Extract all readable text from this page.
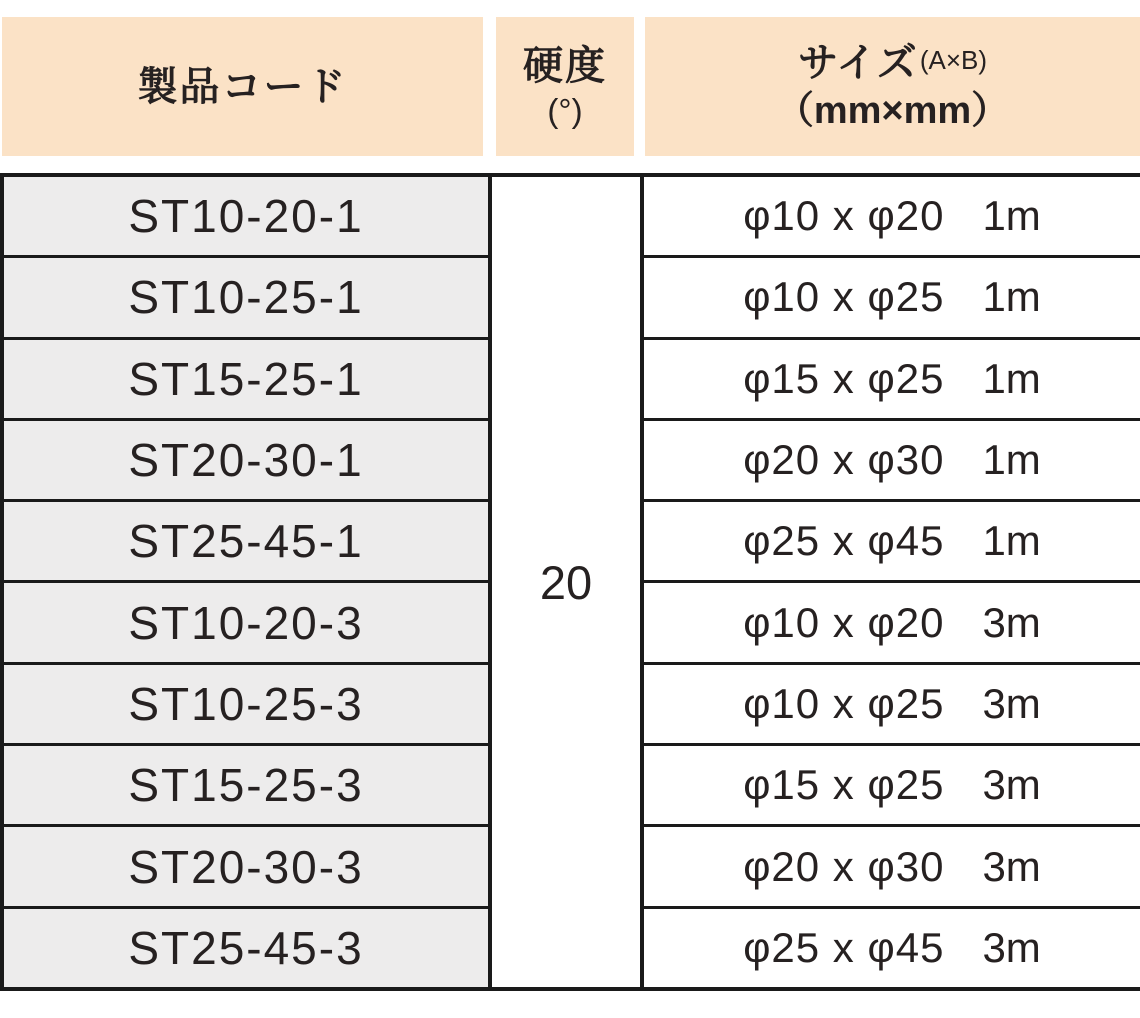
製品コード	硬度
(°)
サイズ(A×B)
（mm×mm）
ST10-20-1
ST10-25-1
ST15-25-1
ST20-30-1
ST25-45-1
ST10-20-3
ST10-25-3
ST15-25-3
ST20-30-3
ST25-45-3
20
φ10 x φ20 1m
φ10 x φ25 1m
φ15 x φ25 1m
φ20 x φ30 1m
φ25 x φ45 1m
φ10 x φ20 3m
φ10 x φ25 3m
φ15 x φ25 3m
φ20 x φ30 3m
φ25 x φ45 3m
